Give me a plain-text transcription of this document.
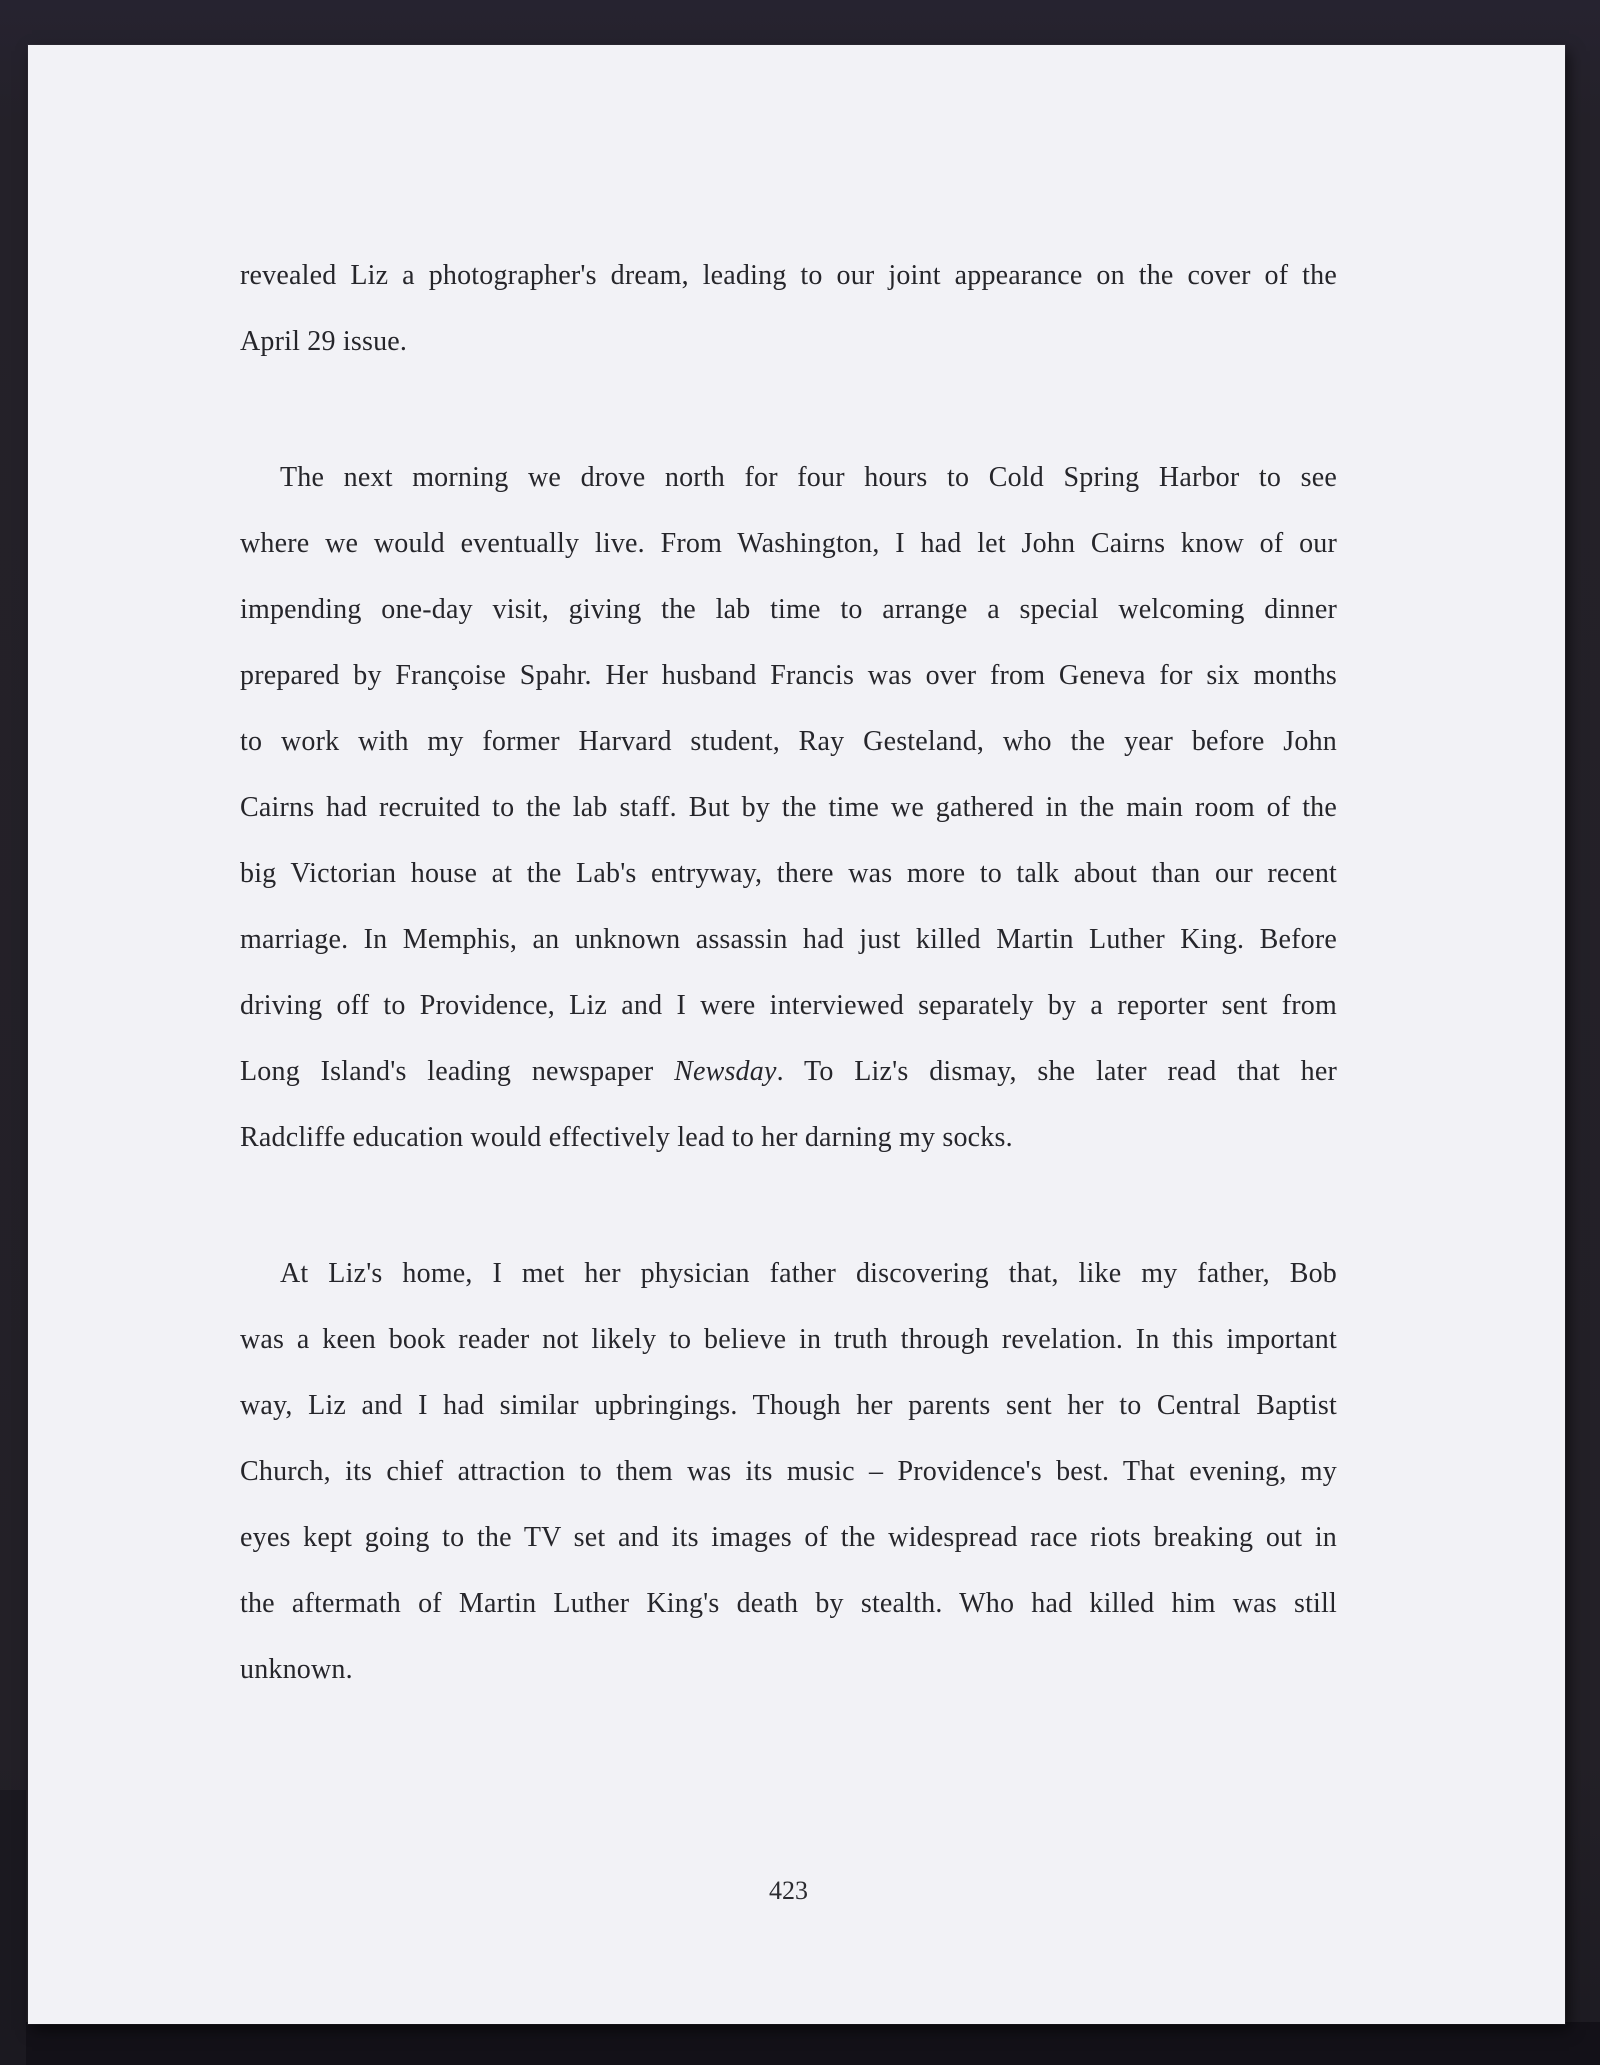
revealed Liz a photographer's dream, leading to our joint appearance on the cover of the
April 29 issue.
The next morning we drove north for four hours to Cold Spring Harbor to see
where we would eventually live. From Washington, I had let John Cairns know of our
impending one-day visit, giving the lab time to arrange a special welcoming dinner
prepared by Françoise Spahr. Her husband Francis was over from Geneva for six months
to work with my former Harvard student, Ray Gesteland, who the year before John
Cairns had recruited to the lab staff. But by the time we gathered in the main room of the
big Victorian house at the Lab's entryway, there was more to talk about than our recent
marriage. In Memphis, an unknown assassin had just killed Martin Luther King. Before
driving off to Providence, Liz and I were interviewed separately by a reporter sent from
Long Island's leading newspaper Newsday. To Liz's dismay, she later read that her
Radcliffe education would effectively lead to her darning my socks.
At Liz's home, I met her physician father discovering that, like my father, Bob
was a keen book reader not likely to believe in truth through revelation. In this important
way, Liz and I had similar upbringings. Though her parents sent her to Central Baptist
Church, its chief attraction to them was its music – Providence's best. That evening, my
eyes kept going to the TV set and its images of the widespread race riots breaking out in
the aftermath of Martin Luther King's death by stealth. Who had killed him was still
unknown.
423
